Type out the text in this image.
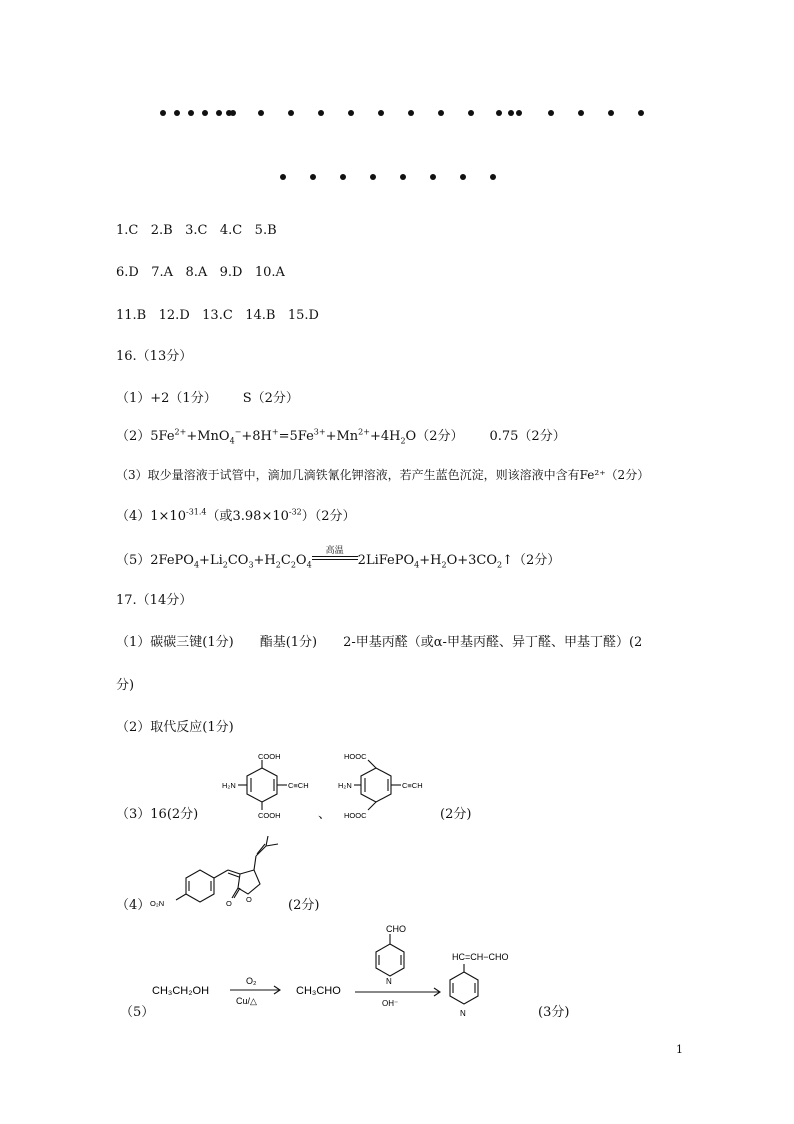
1.C 2.B 3.C 4.C 5.B
6.D 7.A 8.A 9.D 10.A
11.B 12.D 13.C 14.B 15.D
16.（13分）
（1）+2（1分） S（2分）
$(2)5Fe^{2+}+MnO_4^-+8H^+=5Fe^{3+}+Mn^{2+}+4H_2O(2$分） 0.75（2分）
（3）取少量溶液于试管中，滴加几滴铁氰化钾溶液，若产生蓝色沉淀，则该溶液中含有Fe²⁺（2分）
$(4)1\times 10^{-31.4}$（或$3.98\times 10^{-32})(2$分）
$(5)2FePO_4+Li_2CO_3+H_2C_2O_4$
高温
$2LiFePO_4+H_2O+3CO_2↑(2$分）
17.（14分）
（1）碳碳三键(1分) 酯基(1分) 2-甲基丙醛（或α-甲基丙醛、异丁醛、甲基丁醛）(2
分)
（2）取代反应(1分)
（3）16(2分)
COOH
COOH
C≡CH
H₂N
、
HOOC
HOOC
H₂N	C≡CH
(2分)
（4） O₂N	O O	(2分)
（5）
CH₃CH₂OH
O₂
Cu/△
CH₃CHO
CHO
N
OH⁻
HC=CH−CHO
N	(3分)
1
